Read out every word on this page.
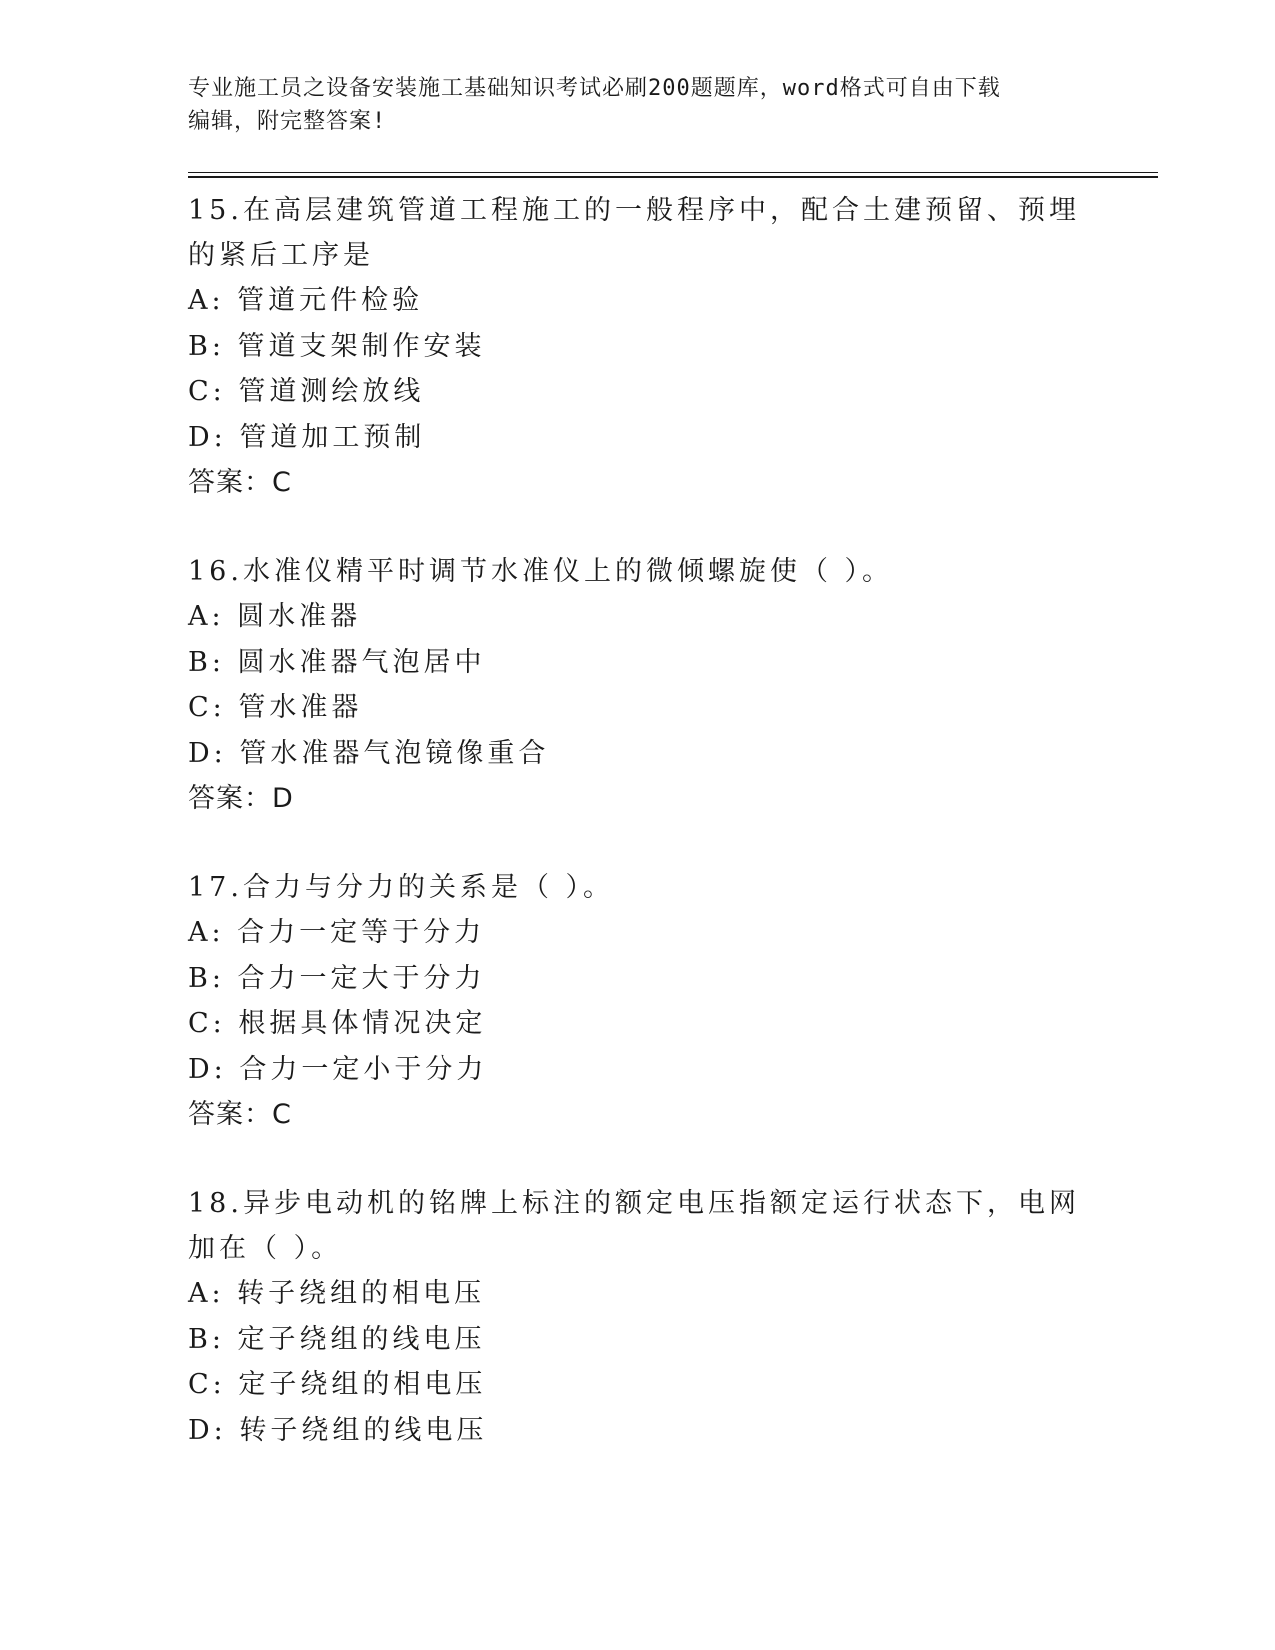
专业施工员之设备安装施工基础知识考试必刷200题题库，word格式可自由下载
编辑，附完整答案!

15.在高层建筑管道工程施工的一般程序中，配合土建预留、预埋的紧后工序是

A: 管道元件检验

B: 管道支架制作安装

C: 管道测绘放线

D: 管道加工预制

答案：C

16.水准仪精平时调节水准仪上的微倾螺旋使（ ）。

A: 圆水准器

B: 圆水准器气泡居中

C: 管水准器

D: 管水准器气泡镜像重合

答案：D

17.合力与分力的关系是（ ）。

A: 合力一定等于分力

B: 合力一定大于分力

C: 根据具体情况决定

D: 合力一定小于分力

答案：C

18.异步电动机的铭牌上标注的额定电压指额定运行状态下，电网加在（ ）。

A: 转子绕组的相电压

B: 定子绕组的线电压

C: 定子绕组的相电压

D: 转子绕组的线电压
